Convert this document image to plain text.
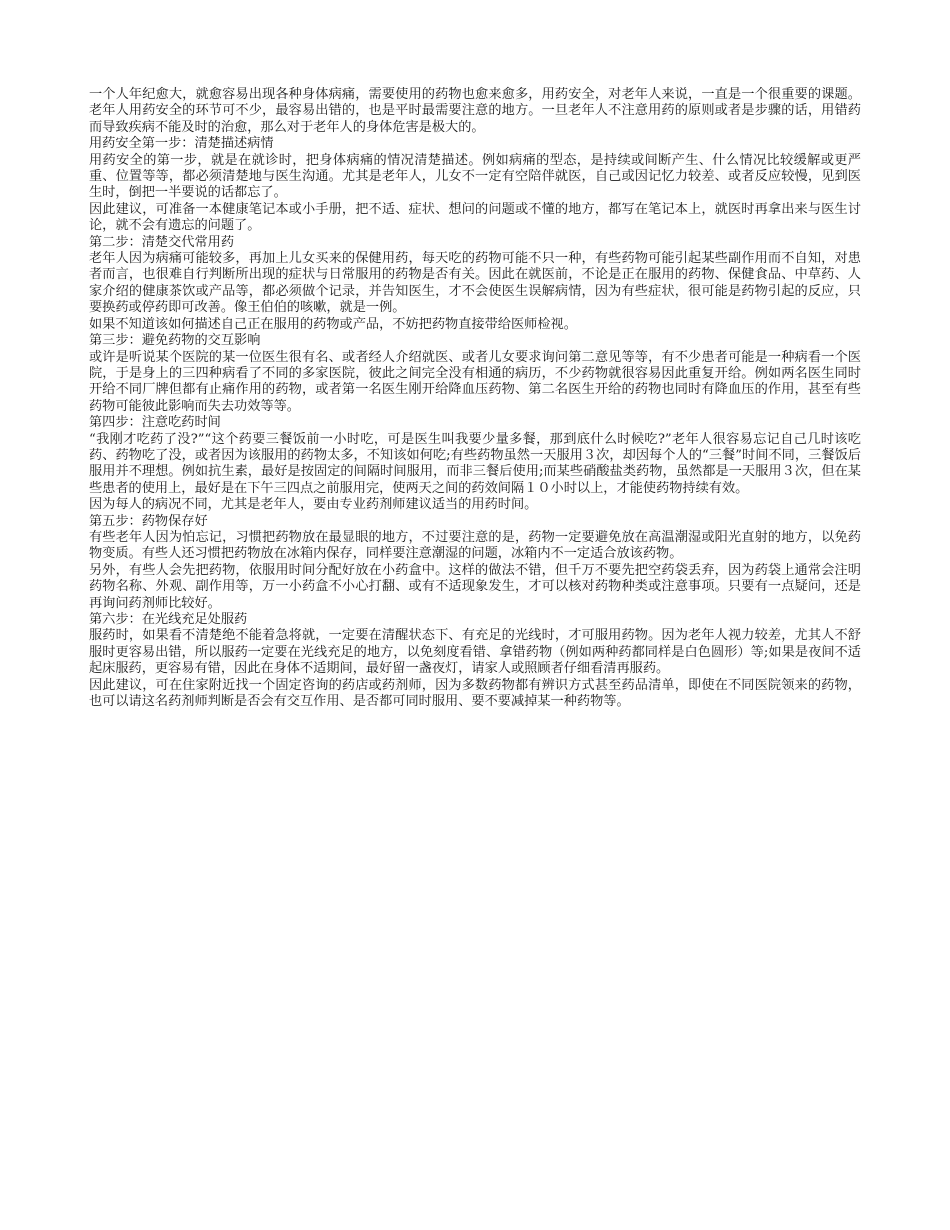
一个人年纪愈大，就愈容易出现各种身体病痛，需要使用的药物也愈来愈多，用药安全，对老年人来说，一直是一个很重要的课题。老年人用药安全的环节可不少，最容易出错的，也是平时最需要注意的地方。一旦老年人不注意用药的原则或者是步骤的话，用错药而导致疾病不能及时的治愈，那么对于老年人的身体危害是极大的。

用药安全第一步：清楚描述病情

用药安全的第一步，就是在就诊时，把身体病痛的情况清楚描述。例如病痛的型态，是持续或间断产生、什么情况比较缓解或更严重、位置等等，都必须清楚地与医生沟通。尤其是老年人，儿女不一定有空陪伴就医，自己或因记忆力较差、或者反应较慢，见到医生时，倒把一半要说的话都忘了。

因此建议，可准备一本健康笔记本或小手册，把不适、症状、想问的问题或不懂的地方，都写在笔记本上，就医时再拿出来与医生讨论，就不会有遗忘的问题了。

第二步：清楚交代常用药

老年人因为病痛可能较多，再加上儿女买来的保健用药，每天吃的药物可能不只一种，有些药物可能引起某些副作用而不自知，对患者而言，也很难自行判断所出现的症状与日常服用的药物是否有关。因此在就医前，不论是正在服用的药物、保健食品、中草药、人家介绍的健康茶饮或产品等，都必须做个记录，并告知医生，才不会使医生误解病情，因为有些症状，很可能是药物引起的反应，只要换药或停药即可改善。像王伯伯的咳嗽，就是一例。

如果不知道该如何描述自己正在服用的药物或产品，不妨把药物直接带给医师检视。

第三步：避免药物的交互影响

或许是听说某个医院的某一位医生很有名、或者经人介绍就医、或者儿女要求询问第二意见等等，有不少患者可能是一种病看一个医院，于是身上的三四种病看了不同的多家医院，彼此之间完全没有相通的病历，不少药物就很容易因此重复开给。例如两名医生同时开给不同厂牌但都有止痛作用的药物，或者第一名医生刚开给降血压药物、第二名医生开给的药物也同时有降血压的作用，甚至有些药物可能彼此影响而失去功效等等。

第四步：注意吃药时间

“我刚才吃药了没?”“这个药要三餐饭前一小时吃，可是医生叫我要少量多餐，那到底什么时候吃?”老年人很容易忘记自己几时该吃药、药物吃了没，或者因为该服用的药物太多，不知该如何吃;有些药物虽然一天服用３次，却因每个人的“三餐”时间不同，三餐饭后服用并不理想。例如抗生素，最好是按固定的间隔时间服用，而非三餐后使用;而某些硝酸盐类药物，虽然都是一天服用３次，但在某些患者的使用上，最好是在下午三四点之前服用完，使两天之间的药效间隔１０小时以上，才能使药物持续有效。

因为每人的病况不同，尤其是老年人，要由专业药剂师建议适当的用药时间。

第五步：药物保存好

有些老年人因为怕忘记，习惯把药物放在最显眼的地方，不过要注意的是，药物一定要避免放在高温潮湿或阳光直射的地方，以免药物变质。有些人还习惯把药物放在冰箱内保存，同样要注意潮湿的问题，冰箱内不一定适合放该药物。

另外，有些人会先把药物，依服用时间分配好放在小药盒中。这样的做法不错，但千万不要先把空药袋丢弃，因为药袋上通常会注明药物名称、外观、副作用等，万一小药盒不小心打翻、或有不适现象发生，才可以核对药物种类或注意事项。只要有一点疑问，还是再询问药剂师比较好。

第六步：在光线充足处服药

服药时，如果看不清楚绝不能着急将就，一定要在清醒状态下、有充足的光线时，才可服用药物。因为老年人视力较差，尤其人不舒服时更容易出错，所以服药一定要在光线充足的地方，以免刻度看错、拿错药物（例如两种药都同样是白色圆形）等;如果是夜间不适起床服药，更容易有错，因此在身体不适期间，最好留一盏夜灯，请家人或照顾者仔细看清再服药。

因此建议，可在住家附近找一个固定咨询的药店或药剂师，因为多数药物都有辨识方式甚至药品清单，即使在不同医院领来的药物，也可以请这名药剂师判断是否会有交互作用、是否都可同时服用、要不要减掉某一种药物等。
